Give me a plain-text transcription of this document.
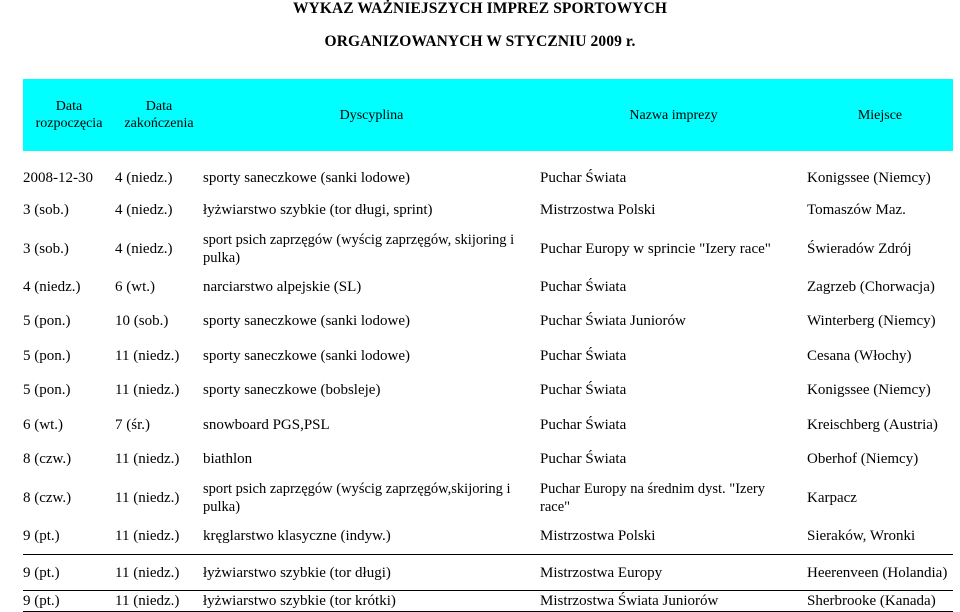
WYKAZ WAŻNIEJSZYCH IMPREZ SPORTOWYCH
ORGANIZOWANYCH W STYCZNIU 2009 r.
Data rozpoczęcia	Data zakończenia	Dyscyplina	Nazwa imprezy	Miejsce
2008-12-30	4 (niedz.)	sporty saneczkowe (sanki lodowe)	Puchar Świata	Konigssee (Niemcy)
3 (sob.)	4 (niedz.)	łyżwiarstwo szybkie (tor długi, sprint)	Mistrzostwa Polski	Tomaszów Maz.
3 (sob.)	4 (niedz.)	sport psich zaprzęgów (wyścig zaprzęgów, skijoring i pulka)	Puchar Europy w sprincie "Izery race"	Świeradów Zdrój
4 (niedz.)	6 (wt.)	narciarstwo alpejskie (SL)	Puchar Świata	Zagrzeb (Chorwacja)
5 (pon.)	10 (sob.)	sporty saneczkowe (sanki lodowe)	Puchar Świata Juniorów	Winterberg (Niemcy)
5 (pon.)	11 (niedz.)	sporty saneczkowe (sanki lodowe)	Puchar Świata	Cesana (Włochy)
5 (pon.)	11 (niedz.)	sporty saneczkowe (bobsleje)	Puchar Świata	Konigssee (Niemcy)
6 (wt.)	7 (śr.)	snowboard PGS,PSL	Puchar Świata	Kreischberg (Austria)
8 (czw.)	11 (niedz.)	biathlon	Puchar Świata	Oberhof (Niemcy)
8 (czw.)	11 (niedz.)	sport psich zaprzęgów (wyścig zaprzęgów,skijoring i pulka)	Puchar Europy na średnim dyst. "Izery race"	Karpacz
9 (pt.)	11 (niedz.)	kręglarstwo klasyczne (indyw.)	Mistrzostwa Polski	Sieraków, Wronki
9 (pt.)	11 (niedz.)	łyżwiarstwo szybkie (tor długi)	Mistrzostwa Europy	Heerenveen (Holandia)
9 (pt.)	11 (niedz.)	łyżwiarstwo szybkie (tor krótki)	Mistrzostwa Świata Juniorów	Sherbrooke (Kanada)
